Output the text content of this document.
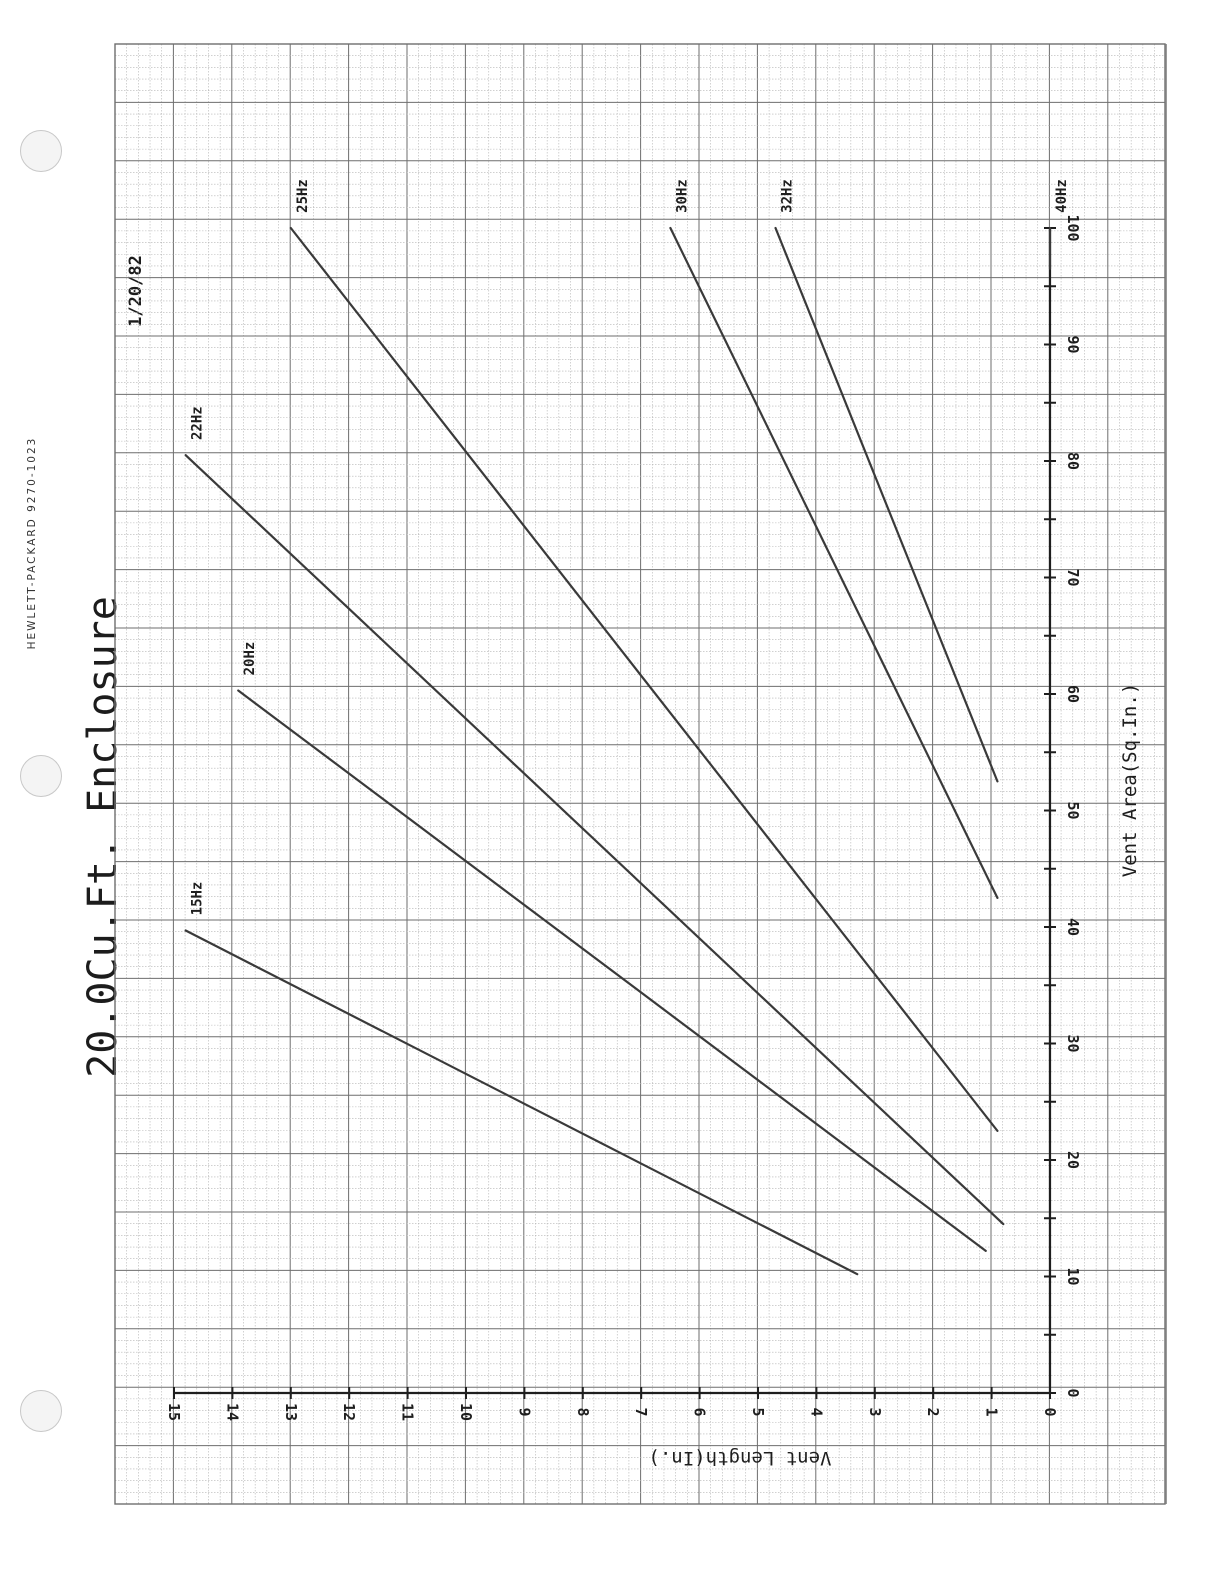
HEWLETT-PACKARD 9270-1023
20.0Cu.Ft. Enclosure
1/20/82
0
1
2
3
4
5
6
7
8
9
10
11
12
13
14
15
0
10
20
30
40
50
60
70
80
90
100
15Hz
20Hz
22Hz
25Hz	30Hz	32Hz	40Hz
Vent Area(Sq.In.)
Vent Length(In.)
